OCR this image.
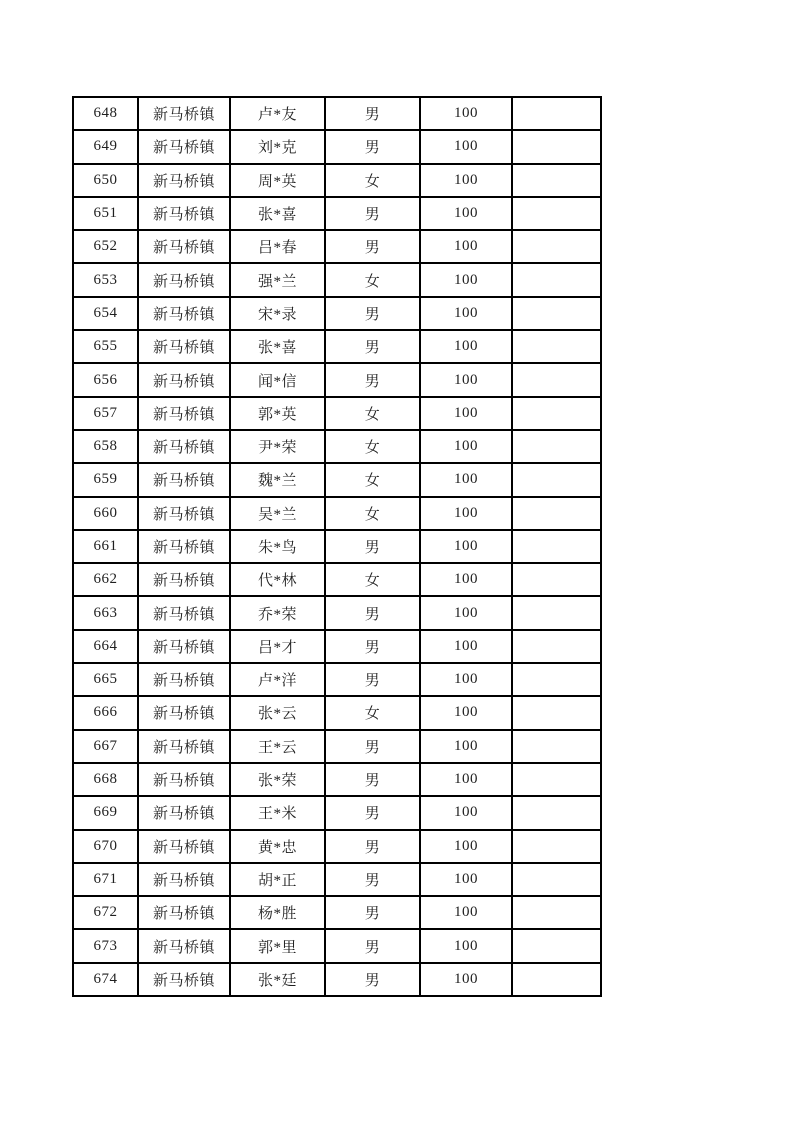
648	新马桥镇	卢*友	男	100	
649	新马桥镇	刘*克	男	100	
650	新马桥镇	周*英	女	100	
651	新马桥镇	张*喜	男	100	
652	新马桥镇	吕*春	男	100	
653	新马桥镇	强*兰	女	100	
654	新马桥镇	宋*录	男	100	
655	新马桥镇	张*喜	男	100	
656	新马桥镇	闻*信	男	100	
657	新马桥镇	郭*英	女	100	
658	新马桥镇	尹*荣	女	100	
659	新马桥镇	魏*兰	女	100	
660	新马桥镇	吴*兰	女	100	
661	新马桥镇	朱*鸟	男	100	
662	新马桥镇	代*林	女	100	
663	新马桥镇	乔*荣	男	100	
664	新马桥镇	吕*才	男	100	
665	新马桥镇	卢*洋	男	100	
666	新马桥镇	张*云	女	100	
667	新马桥镇	王*云	男	100	
668	新马桥镇	张*荣	男	100	
669	新马桥镇	王*米	男	100	
670	新马桥镇	黄*忠	男	100	
671	新马桥镇	胡*正	男	100	
672	新马桥镇	杨*胜	男	100	
673	新马桥镇	郭*里	男	100	
674	新马桥镇	张*廷	男	100	
